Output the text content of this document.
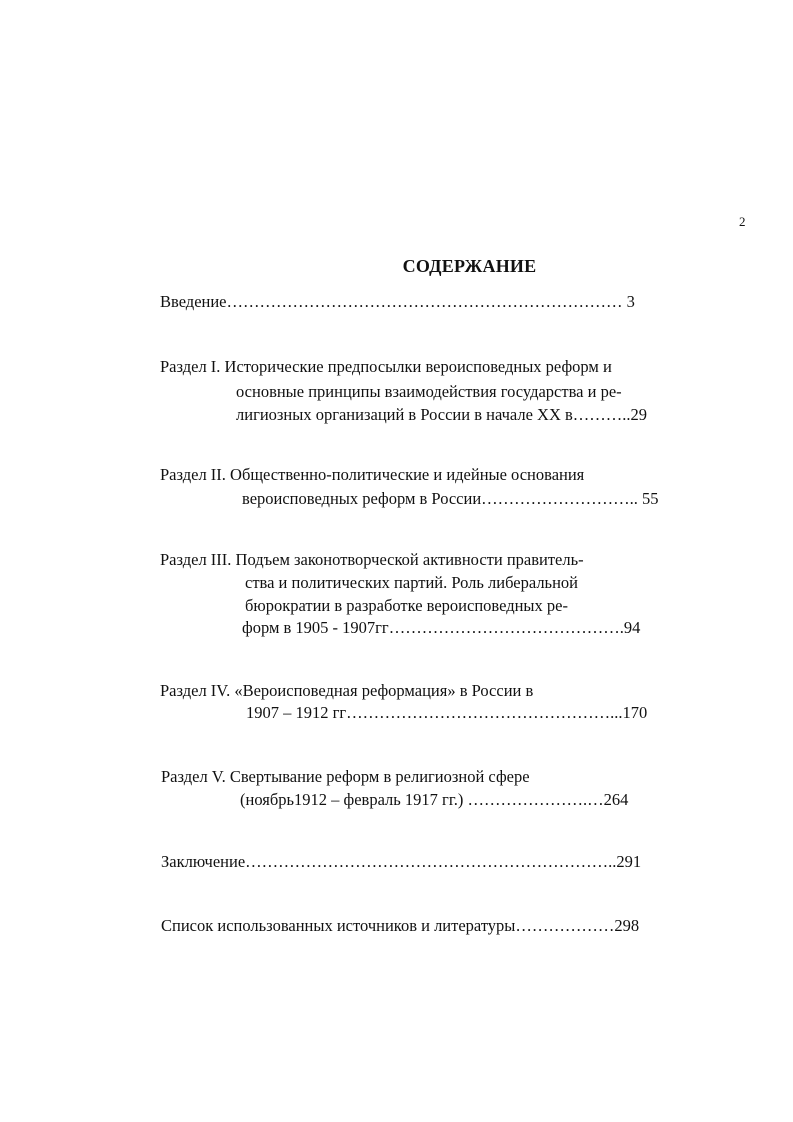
2
СОДЕРЖАНИЕ
Введение……………………………………………………………… 3
Раздел I. Исторические предпосылки вероисповедных реформ и
основные принципы взаимодействия государства и ре-
лигиозных организаций в России в начале XX в………..29
Раздел II. Общественно-политические и идейные основания
вероисповедных реформ в России……………………….. 55
Раздел III. Подъем законотворческой активности правитель-
ства и политических партий. Роль либеральной
бюрократии в разработке вероисповедных ре-
форм в 1905 - 1907гг…………………………………….94
Раздел IV. «Вероисповедная реформация» в России в
1907 – 1912 гг…………………………………………...170
Раздел V. Свертывание реформ в религиозной сфере
(ноябрь1912 – февраль 1917 гг.) ………………….…264
Заключение…………………………………………………………..291
Список использованных источников и литературы………………298
